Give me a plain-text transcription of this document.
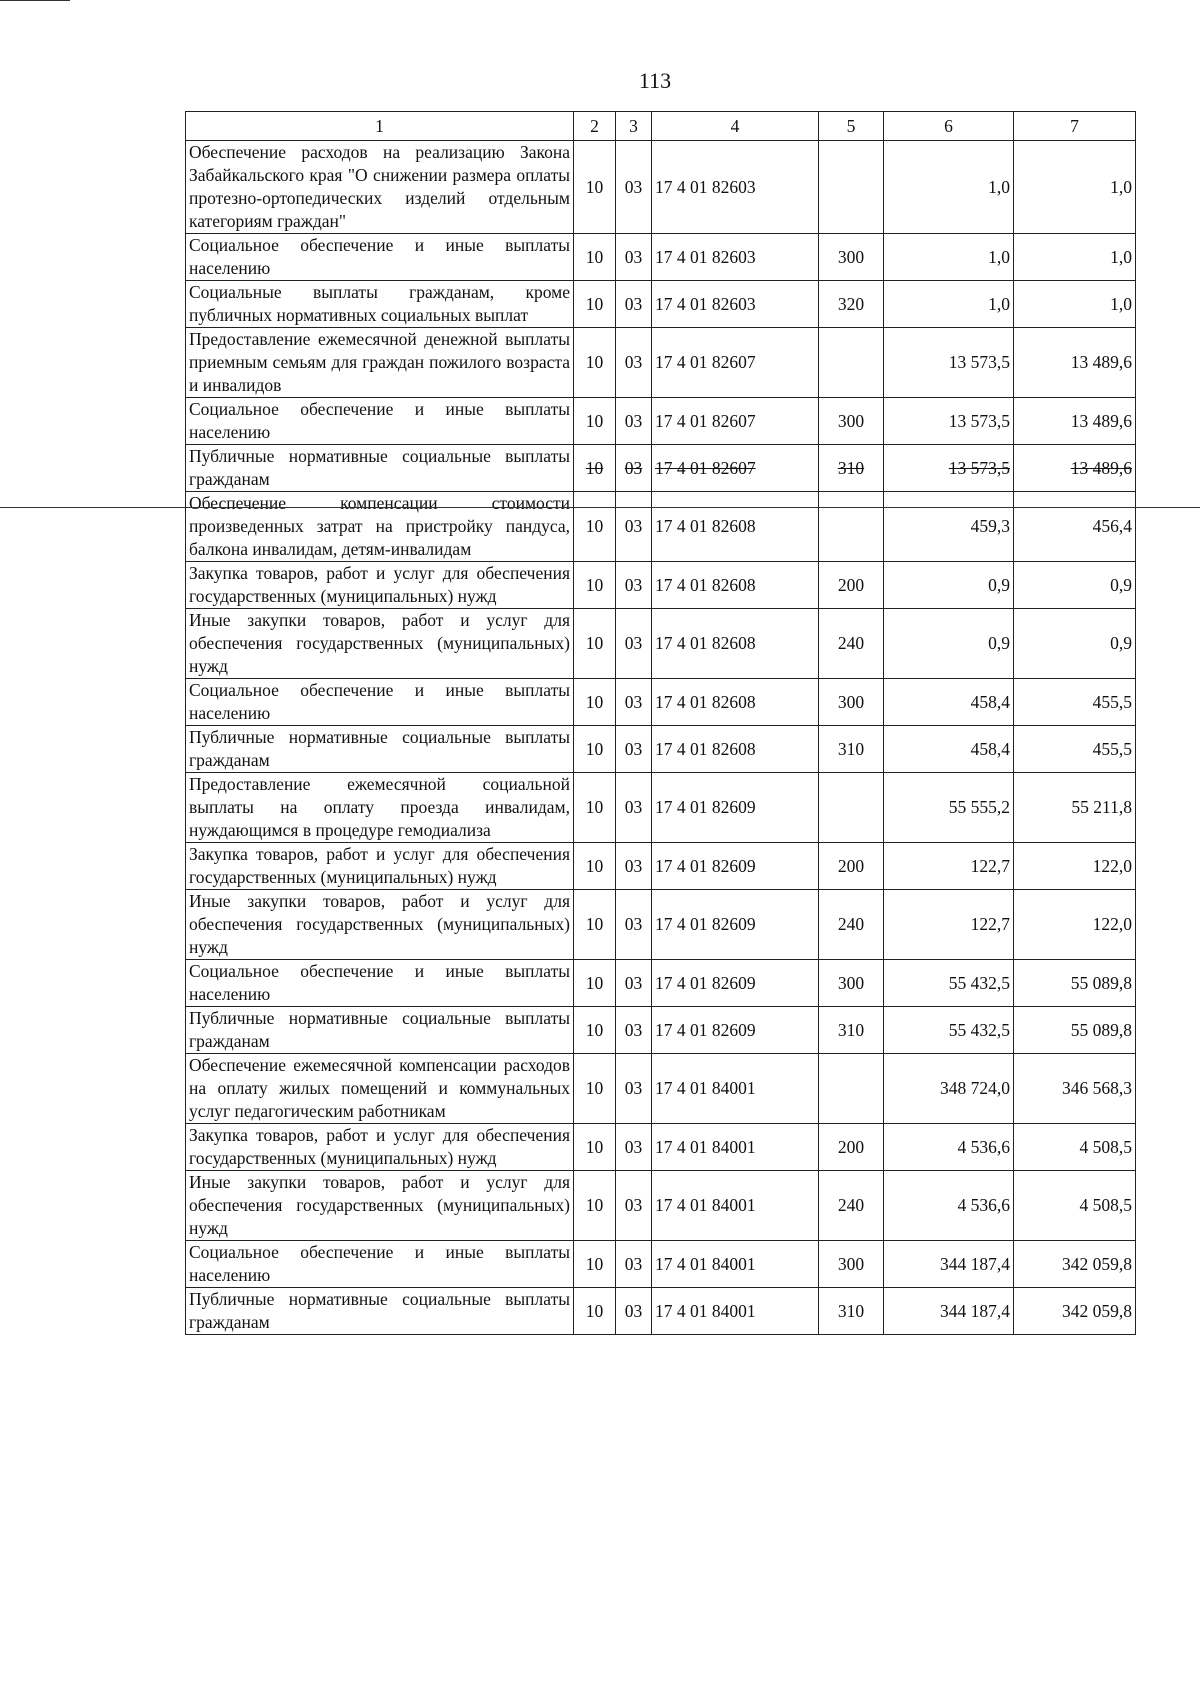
113
1	2	3	4	5	6	7
Обеспечение расходов на реализацию Закона Забайкальского края "О снижении размера оплаты протезно-ортопедических изделий отдельным категориям граждан"	10	03	17 4 01 82603		1,0	1,0
Социальное обеспечение и иные выплаты населению	10	03	17 4 01 82603	300	1,0	1,0
Социальные выплаты гражданам, кроме публичных нормативных социальных выплат	10	03	17 4 01 82603	320	1,0	1,0
Предоставление ежемесячной денежной выплаты приемным семьям для граждан пожилого возраста и инвалидов	10	03	17 4 01 82607		13 573,5	13 489,6
Социальное обеспечение и иные выплаты населению	10	03	17 4 01 82607	300	13 573,5	13 489,6
Публичные нормативные социальные выплаты гражданам	10	03	17 4 01 82607	310	13 573,5	13 489,6
Обеспечение компенсации стоимости произведенных затрат на пристройку пандуса, балкона инвалидам, детям-инвалидам	10	03	17 4 01 82608		459,3	456,4
Закупка товаров, работ и услуг для обеспечения государственных (муниципальных) нужд	10	03	17 4 01 82608	200	0,9	0,9
Иные закупки товаров, работ и услуг для обеспечения государственных (муниципальных) нужд	10	03	17 4 01 82608	240	0,9	0,9
Социальное обеспечение и иные выплаты населению	10	03	17 4 01 82608	300	458,4	455,5
Публичные нормативные социальные выплаты гражданам	10	03	17 4 01 82608	310	458,4	455,5
Предоставление ежемесячной социальной выплаты на оплату проезда инвалидам, нуждающимся в процедуре гемодиализа	10	03	17 4 01 82609		55 555,2	55 211,8
Закупка товаров, работ и услуг для обеспечения государственных (муниципальных) нужд	10	03	17 4 01 82609	200	122,7	122,0
Иные закупки товаров, работ и услуг для обеспечения государственных (муниципальных) нужд	10	03	17 4 01 82609	240	122,7	122,0
Социальное обеспечение и иные выплаты населению	10	03	17 4 01 82609	300	55 432,5	55 089,8
Публичные нормативные социальные выплаты гражданам	10	03	17 4 01 82609	310	55 432,5	55 089,8
Обеспечение ежемесячной компенсации расходов на оплату жилых помещений и коммунальных услуг педагогическим работникам	10	03	17 4 01 84001		348 724,0	346 568,3
Закупка товаров, работ и услуг для обеспечения государственных (муниципальных) нужд	10	03	17 4 01 84001	200	4 536,6	4 508,5
Иные закупки товаров, работ и услуг для обеспечения государственных (муниципальных) нужд	10	03	17 4 01 84001	240	4 536,6	4 508,5
Социальное обеспечение и иные выплаты населению	10	03	17 4 01 84001	300	344 187,4	342 059,8
Публичные нормативные социальные выплаты гражданам	10	03	17 4 01 84001	310	344 187,4	342 059,8
